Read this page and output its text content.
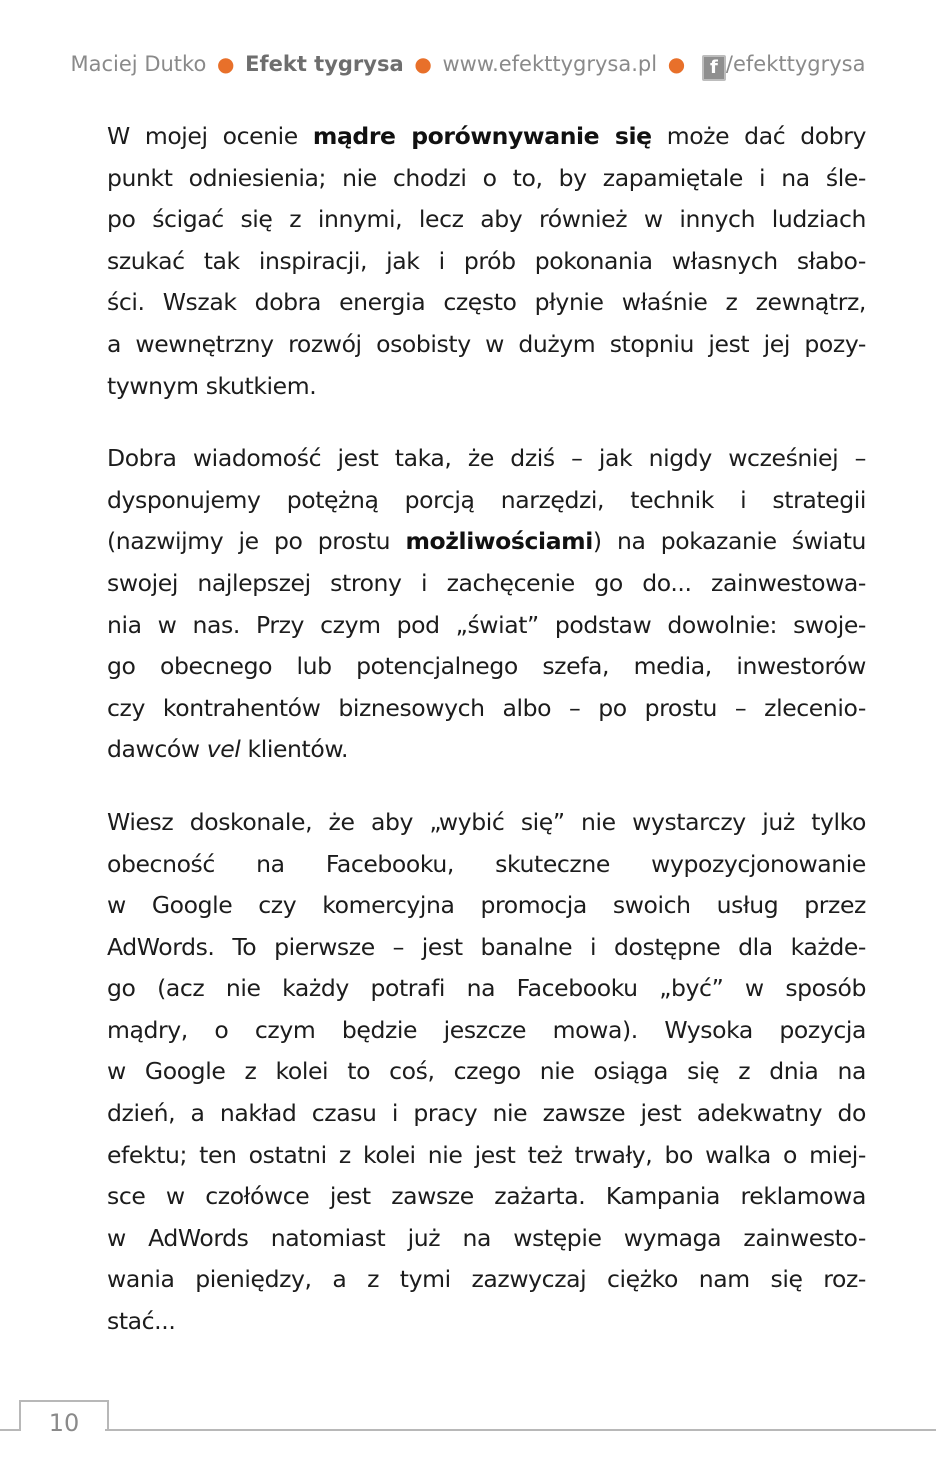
Maciej Dutko ● Efekt tygrysa ● www.efekttygrysa.pl ● f /efekttygrysa
W mojej ocenie mądre porównywanie się może dać dobry
punkt odniesienia; nie chodzi o to, by zapamiętale i na śle-
po ścigać się z innymi, lecz aby również w innych ludziach
szukać tak inspiracji, jak i prób pokonania własnych słabo-
ści. Wszak dobra energia często płynie właśnie z zewnątrz,
a wewnętrzny rozwój osobisty w dużym stopniu jest jej pozy-
tywnym skutkiem.
Dobra wiadomość jest taka, że dziś – jak nigdy wcześniej –
dysponujemy potężną porcją narzędzi, technik i strategii
(nazwijmy je po prostu możliwościami) na pokazanie światu
swojej najlepszej strony i zachęcenie go do... zainwestowa-
nia w nas. Przy czym pod „świat” podstaw dowolnie: swoje-
go obecnego lub potencjalnego szefa, media, inwestorów
czy kontrahentów biznesowych albo – po prostu – zlecenio-
dawców vel klientów.
Wiesz doskonale, że aby „wybić się” nie wystarczy już tylko
obecność na Facebooku, skuteczne wypozycjonowanie
w Google czy komercyjna promocja swoich usług przez
AdWords. To pierwsze – jest banalne i dostępne dla każde-
go (acz nie każdy potrafi na Facebooku „być” w sposób
mądry, o czym będzie jeszcze mowa). Wysoka pozycja
w Google z kolei to coś, czego nie osiąga się z dnia na
dzień, a nakład czasu i pracy nie zawsze jest adekwatny do
efektu; ten ostatni z kolei nie jest też trwały, bo walka o miej-
sce w czołówce jest zawsze zażarta. Kampania reklamowa
w AdWords natomiast już na wstępie wymaga zainwesto-
wania pieniędzy, a z tymi zazwyczaj ciężko nam się roz-
stać...
10
